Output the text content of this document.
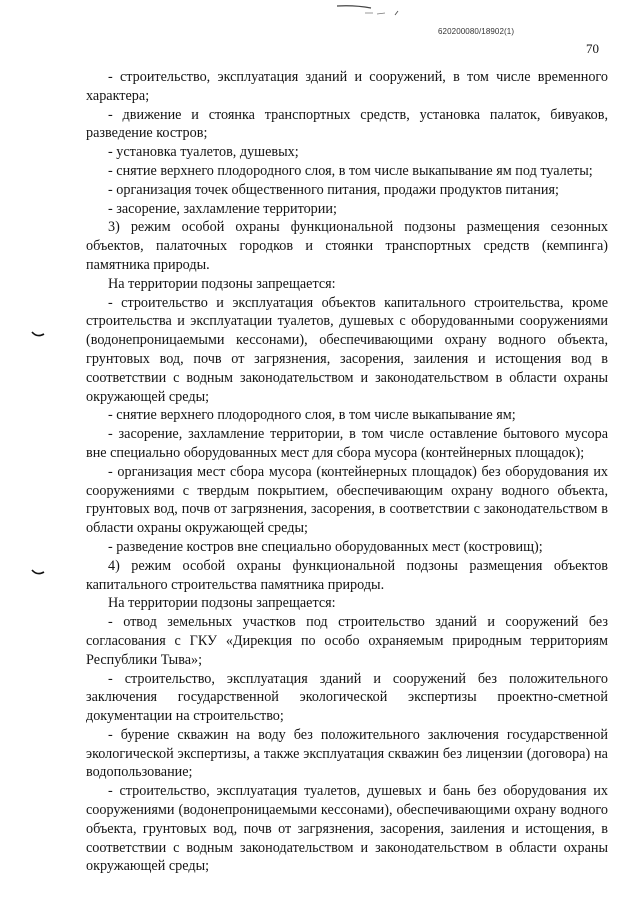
620200080/18902(1)
70

- строительство, эксплуатация зданий и сооружений, в том числе временного характера;

- движение и стоянка транспортных средств, установка палаток, бивуаков, разведение костров;

- установка туалетов, душевых;

- снятие верхнего плодородного слоя, в том числе выкапывание ям под туалеты;

- организация точек общественного питания, продажи продуктов питания;

- засорение, захламление территории;

3) режим особой охраны функциональной подзоны размещения сезонных объектов, палаточных городков и стоянки транспортных средств (кемпинга) памятника природы.

На территории подзоны запрещается:

- строительство и эксплуатация объектов капитального строительства, кроме строительства и эксплуатации туалетов, душевых с оборудованными сооружениями (водонепроницаемыми кессонами), обеспечивающими охрану водного объекта, грунтовых вод, почв от загрязнения, засорения, заиления и истощения вод в соответствии с водным законодательством и законодательством в области охраны окружающей среды;

- снятие верхнего плодородного слоя, в том числе выкапывание ям;

- засорение, захламление территории, в том числе оставление бытового мусора вне специально оборудованных мест для сбора мусора (контейнерных площадок);

- организация мест сбора мусора (контейнерных площадок) без оборудования их сооружениями с твердым покрытием, обеспечивающим охрану водного объекта, грунтовых вод, почв от загрязнения, засорения, в соответствии с законодательством в области охраны окружающей среды;

- разведение костров вне специально оборудованных мест (костровищ);

4) режим особой охраны функциональной подзоны размещения объектов капитального строительства памятника природы.

На территории подзоны запрещается:

- отвод земельных участков под строительство зданий и сооружений без согласования с ГКУ «Дирекция по особо охраняемым природным территориям Республики Тыва»;

- строительство, эксплуатация зданий и сооружений без положительного заключения государственной экологической экспертизы проектно-сметной документации на строительство;

- бурение скважин на воду без положительного заключения государственной экологической экспертизы, а также эксплуатация скважин без лицензии (договора) на водопользование;

- строительство, эксплуатация туалетов, душевых и бань без оборудования их сооружениями (водонепроницаемыми кессонами), обеспечивающими охрану водного объекта, грунтовых вод, почв от загрязнения, засорения, заиления и истощения, в соответствии с водным законодательством и законодательством в области охраны окружающей среды;
